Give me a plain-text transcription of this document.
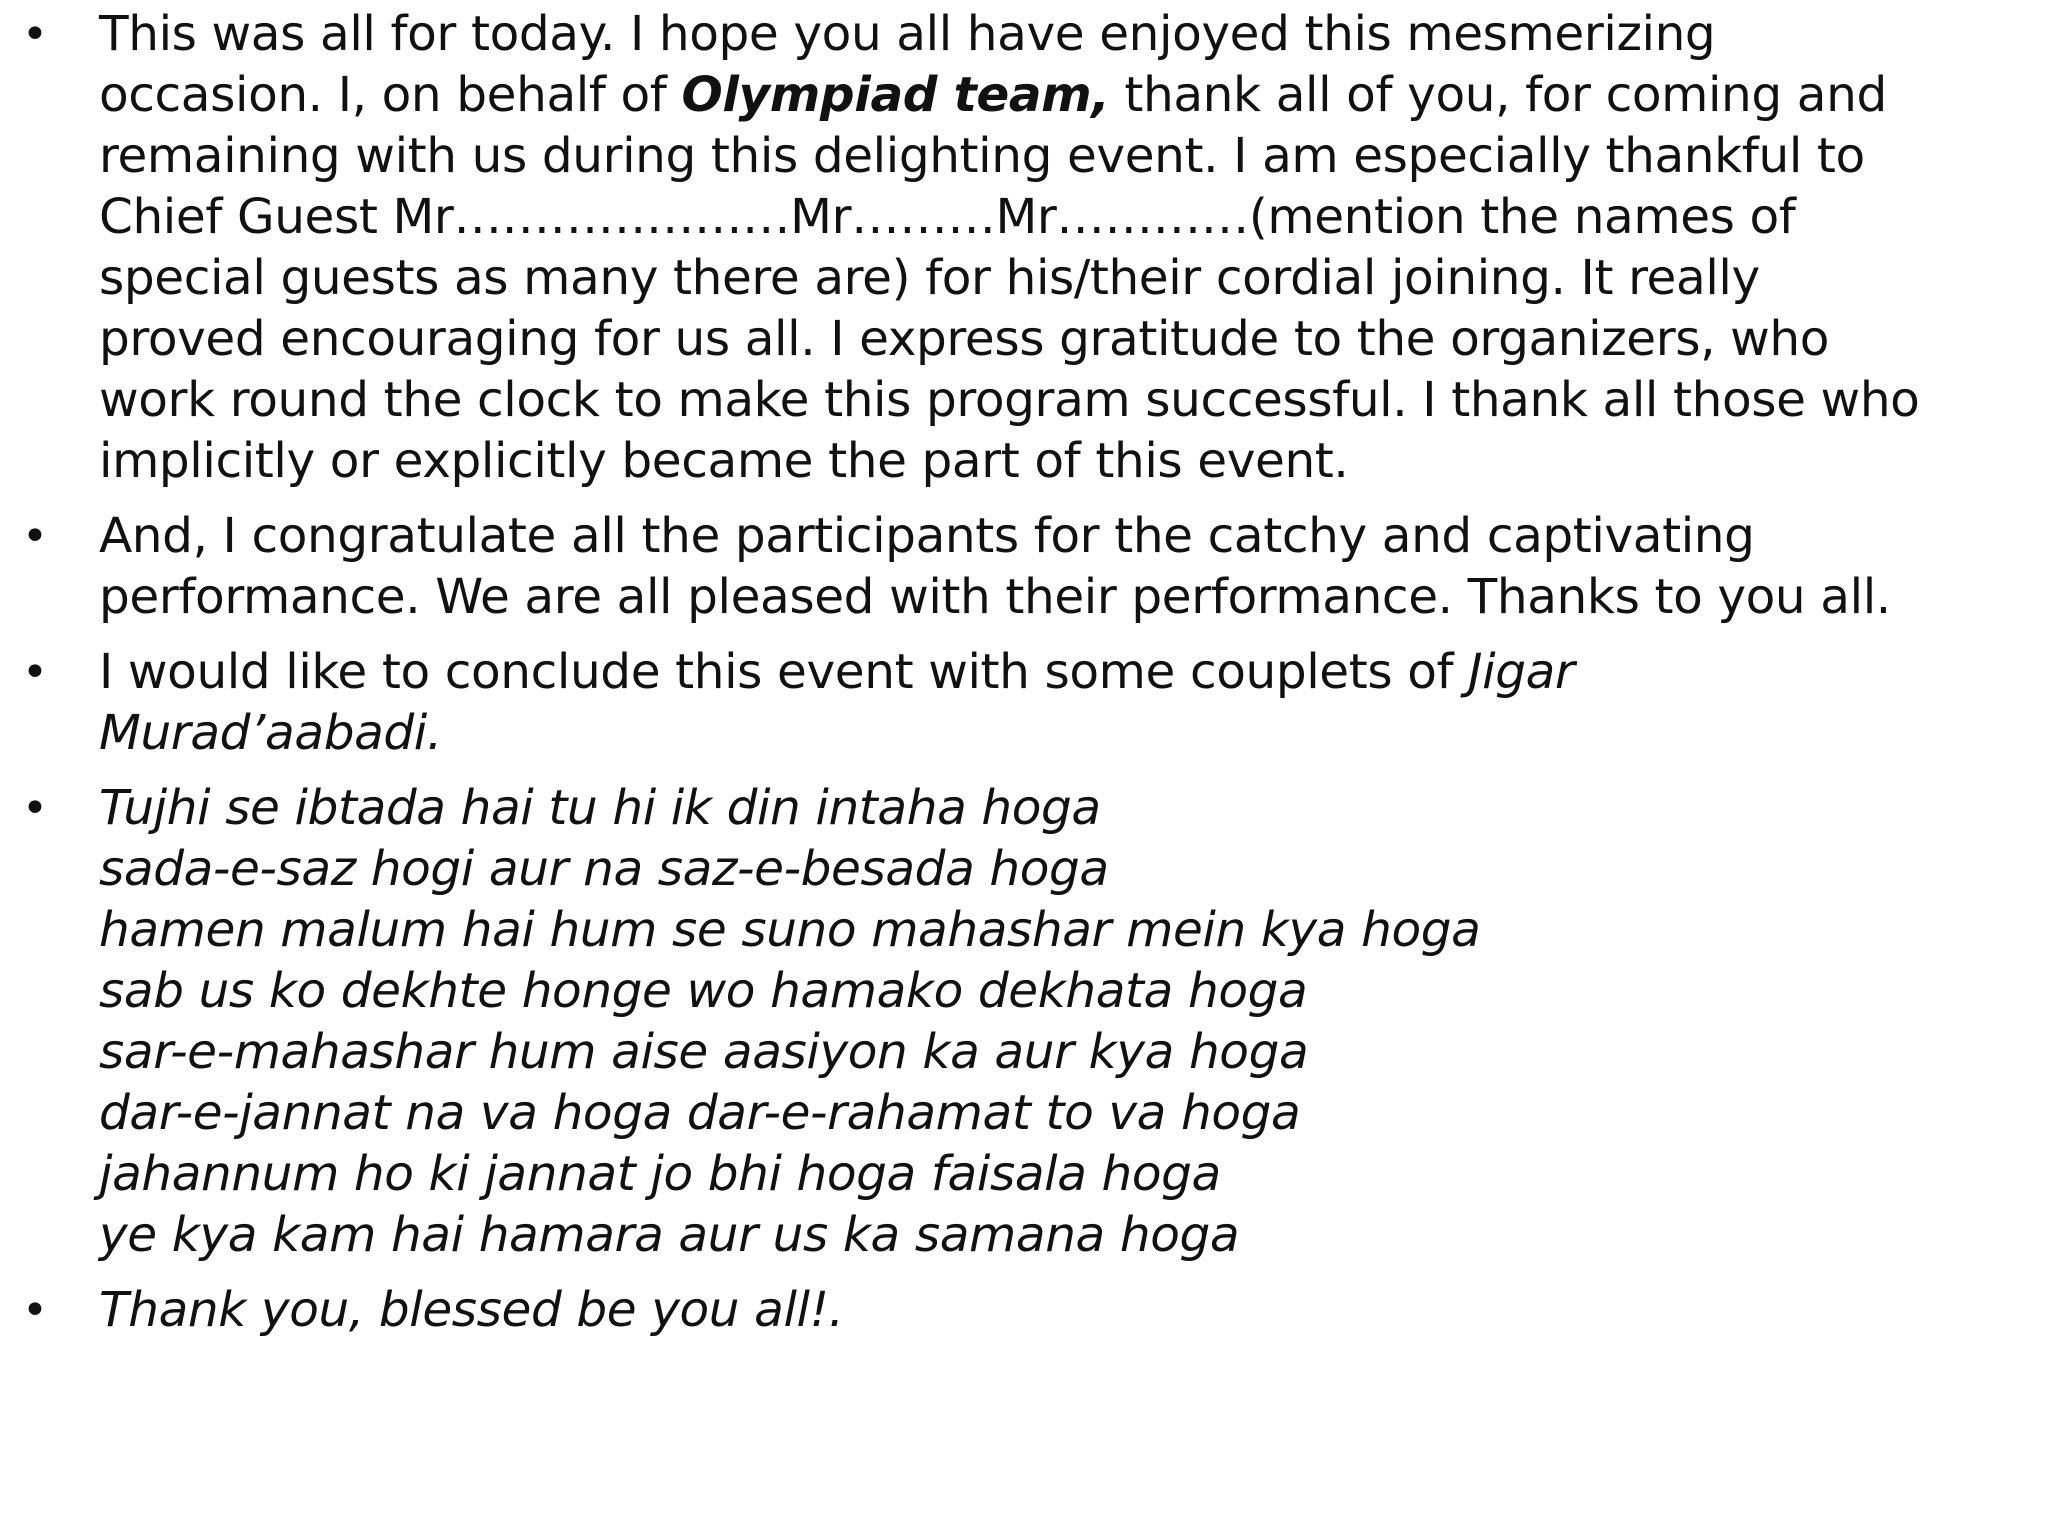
• This was all for today. I hope you all have enjoyed this mesmerizing
occasion. I, on behalf of Olympiad team, thank all of you, for coming and
remaining with us during this delighting event. I am especially thankful to
Chief Guest Mr…………………Mr………Mr…………(mention the names of
special guests as many there are) for his/their cordial joining. It really
proved encouraging for us all. I express gratitude to the organizers, who
work round the clock to make this program successful. I thank all those who
implicitly or explicitly became the part of this event.
• And, I congratulate all the participants for the catchy and captivating
performance. We are all pleased with their performance. Thanks to you all.
• I would like to conclude this event with some couplets of Jigar
Murad’aabadi.
• Tujhi se ibtada hai tu hi ik din intaha hoga
sada-e-saz hogi aur na saz-e-besada hoga
hamen malum hai hum se suno mahashar mein kya hoga
sab us ko dekhte honge wo hamako dekhata hoga
sar-e-mahashar hum aise aasiyon ka aur kya hoga
dar-e-jannat na va hoga dar-e-rahamat to va hoga
jahannum ho ki jannat jo bhi hoga faisala hoga
ye kya kam hai hamara aur us ka samana hoga
• Thank you, blessed be you all!.
